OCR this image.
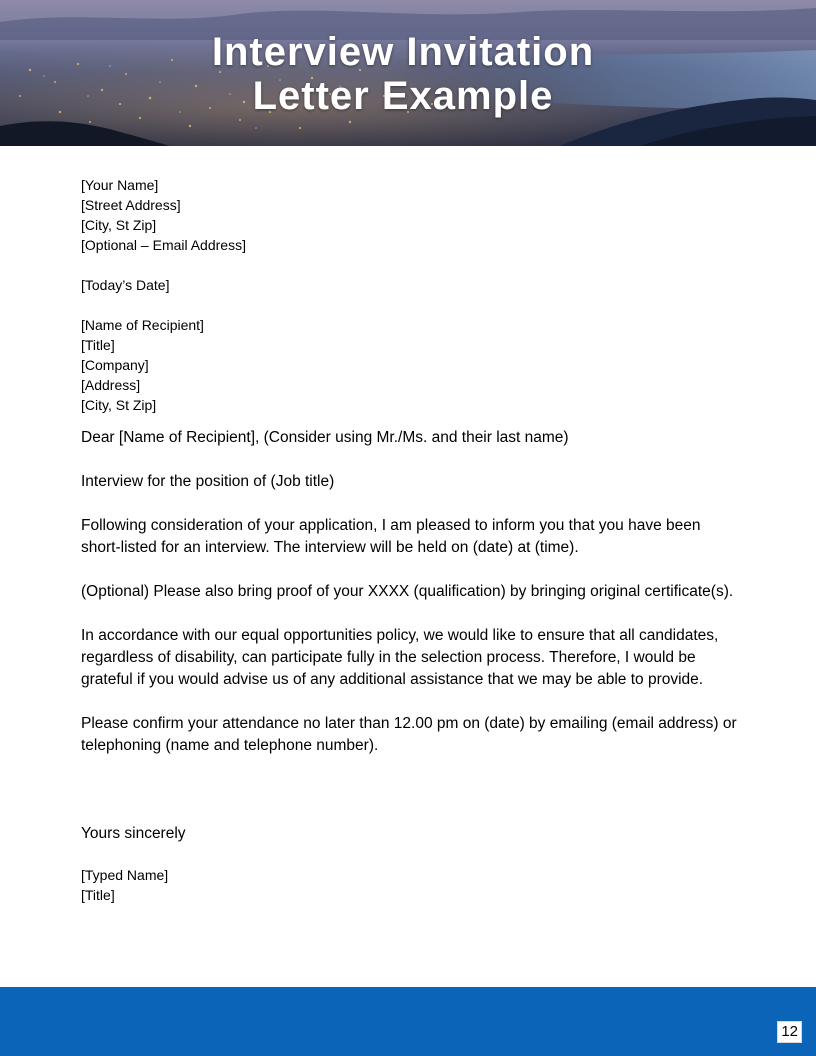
Interview Invitation
Letter Example

[Your Name]

[Street Address]

[City, St Zip]

[Optional – Email Address]

[Today’s Date]

[Name of Recipient]

[Title]

[Company]

[Address]

[City, St Zip]

Dear [Name of Recipient], (Consider using Mr./Ms. and their last name)

Interview for the position of (Job title)

Following consideration of your application, I am pleased to inform you that you have been short-listed for an interview. The interview will be held on (date) at (time).

(Optional) Please also bring proof of your XXXX (qualification) by bringing original certificate(s).

In accordance with our equal opportunities policy, we would like to ensure that all candidates, regardless of disability, can participate fully in the selection process. Therefore, I would be grateful if you would advise us of any additional assistance that we may be able to provide.

Please confirm your attendance no later than 12.00 pm on (date) by emailing (email address) or telephoning (name and telephone number).

Yours sincerely

[Typed Name]

[Title]

12
